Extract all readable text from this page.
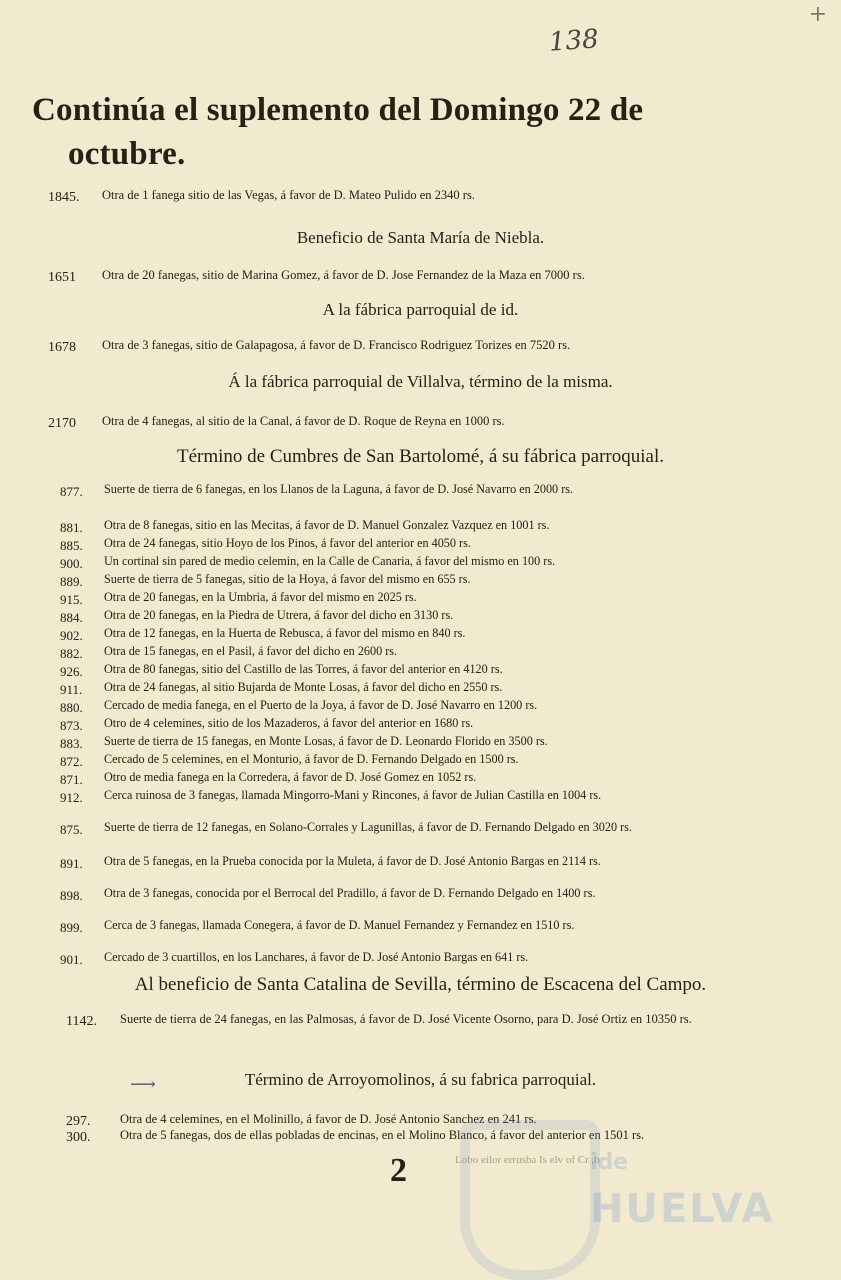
+
138
Continúa el suplemento del Domingo 22 de
octubre.
1845.	Otra de 1 fanega sitio de las Vegas, á favor de D. Mateo Pulido en 2340 rs.
Beneficio de Santa María de Niebla.
1651	Otra de 20 fanegas, sitio de Marina Gomez, á favor de D. Jose Fernandez de la Maza en 7000 rs.
A la fábrica parroquial de id.
1678	Otra de 3 fanegas, sitio de Galapagosa, á favor de D. Francisco Rodriguez Torizes en 7520 rs.
Á la fábrica parroquial de Villalva, término de la misma.
2170	Otra de 4 fanegas, al sitio de la Canal, á favor de D. Roque de Reyna en 1000 rs.
Término de Cumbres de San Bartolomé, á su fábrica parroquial.
877.	Suerte de tierra de 6 fanegas, en los Llanos de la Laguna, á favor de D. José Navarro en 2000 rs.
881.	Otra de 8 fanegas, sitio en las Mecitas, á favor de D. Manuel Gonzalez Vazquez en 1001 rs.
885.	Otra de 24 fanegas, sitio Hoyo de los Pinos, á favor del anterior en 4050 rs.
900.	Un cortinal sin pared de medio celemin, en la Calle de Canaria, á favor del mismo en 100 rs.
889.	Suerte de tierra de 5 fanegas, sitio de la Hoya, á favor del mismo en 655 rs.
915.	Otra de 20 fanegas, en la Umbria, á favor del mismo en 2025 rs.
884.	Otra de 20 fanegas, en la Piedra de Utrera, á favor del dicho en 3130 rs.
902.	Otra de 12 fanegas, en la Huerta de Rebusca, á favor del mismo en 840 rs.
882.	Otra de 15 fanegas, en el Pasil, á favor del dicho en 2600 rs.
926.	Otra de 80 fanegas, sitio del Castillo de las Torres, á favor del anterior en 4120 rs.
911.	Otra de 24 fanegas, al sitio Bujarda de Monte Losas, á favor del dicho en 2550 rs.
880.	Cercado de media fanega, en el Puerto de la Joya, á favor de D. José Navarro en 1200 rs.
873.	Otro de 4 celemines, sitio de los Mazaderos, á favor del anterior en 1680 rs.
883.	Suerte de tierra de 15 fanegas, en Monte Losas, á favor de D. Leonardo Florido en 3500 rs.
872.	Cercado de 5 celemines, en el Monturio, á favor de D. Fernando Delgado en 1500 rs.
871.	Otro de media fanega en la Corredera, á favor de D. José Gomez en 1052 rs.
912.	Cerca ruinosa de 3 fanegas, llamada Mingorro-Mani y Rincones, á favor de Julian Castilla en 1004 rs.
875.	Suerte de tierra de 12 fanegas, en Solano-Corrales y Lagunillas, á favor de D. Fernando Delgado en 3020 rs.
891.	Otra de 5 fanegas, en la Prueba conocida por la Muleta, á favor de D. José Antonio Bargas en 2114 rs.
898.	Otra de 3 fanegas, conocida por el Berrocal del Pradillo, á favor de D. Fernando Delgado en 1400 rs.
899.	Cerca de 3 fanegas, llamada Conegera, á favor de D. Manuel Fernandez y Fernandez en 1510 rs.
901.	Cercado de 3 cuartillos, en los Lanchares, á favor de D. José Antonio Bargas en 641 rs.
Al beneficio de Santa Catalina de Sevilla, término de Escacena del Campo.
1142.	Suerte de tierra de 24 fanegas, en las Palmosas, á favor de D. José Vicente Osorno, para D. José Ortiz en 10350 rs.
⟶	Término de Arroyomolinos, á su fabrica parroquial.
297.	Otra de 4 celemines, en el Molinillo, á favor de D. José Antonio Sanchez en 241 rs.
300.	Otra de 5 fanegas, dos de ellas pobladas de encinas, en el Molino Blanco, á favor del anterior en 1501 rs.
2	Lobo eilor errusba Is elv of Cr ,b
ide
HUELVA
